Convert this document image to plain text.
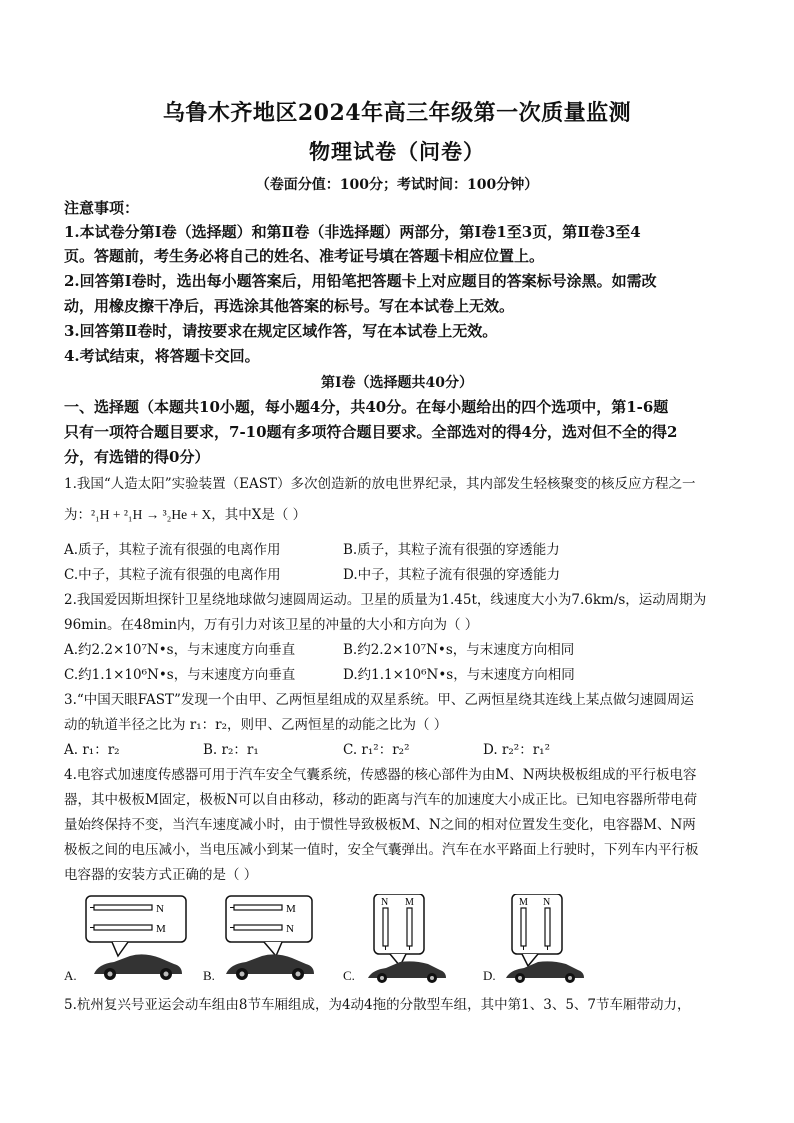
乌鲁木齐地区2024年高三年级第一次质量监测
物理试卷（问卷）
（卷面分值：100分；考试时间：100分钟）
注意事项：
1.本试卷分第Ⅰ卷（选择题）和第Ⅱ卷（非选择题）两部分，第Ⅰ卷1至3页，第Ⅱ卷3至4
页。答题前，考生务必将自己的姓名、准考证号填在答题卡相应位置上。
2.回答第Ⅰ卷时，选出每小题答案后，用铅笔把答题卡上对应题目的答案标号涂黑。如需改
动，用橡皮擦干净后，再选涂其他答案的标号。写在本试卷上无效。
3.回答第Ⅱ卷时，请按要求在规定区域作答，写在本试卷上无效。
4.考试结束，将答题卡交回。
第Ⅰ卷（选择题共40分）
一、选择题（本题共10小题，每小题4分，共40分。在每小题给出的四个选项中，第1-6题
只有一项符合题目要求，7-10题有多项符合题目要求。全部选对的得4分，选对但不全的得2
分，有选错的得0分）
1.我国“人造太阳”实验装置（EAST）多次创造新的放电世界纪录，其内部发生轻核聚变的核反应方程之一
为：²₁H + ²₁H → ³₂He + X，其中X是（ ）
A.质子，其粒子流有很强的电离作用	B.质子，其粒子流有很强的穿透能力
C.中子，其粒子流有很强的电离作用	D.中子，其粒子流有很强的穿透能力
2.我国爱因斯坦探针卫星绕地球做匀速圆周运动。卫星的质量为1.45t，线速度大小为7.6km/s，运动周期为
96min。在48min内，万有引力对该卫星的冲量的大小和方向为（ ）
A.约2.2×10⁷N•s，与末速度方向垂直	B.约2.2×10⁷N•s，与末速度方向相同
C.约1.1×10⁶N•s，与末速度方向垂直	D.约1.1×10⁶N•s，与末速度方向相同
3.“中国天眼FAST”发现一个由甲、乙两恒星组成的双星系统。甲、乙两恒星绕其连线上某点做匀速圆周运
动的轨道半径之比为 r₁：r₂，则甲、乙两恒星的动能之比为（ ）
A. r₁：r₂	B. r₂：r₁	C. r₁²：r₂²	D. r₂²：r₁²
4.电容式加速度传感器可用于汽车安全气囊系统，传感器的核心部件为由M、N两块极板组成的平行板电容
器，其中极板M固定，极板N可以自由移动，移动的距离与汽车的加速度大小成正比。已知电容器所带电荷
量始终保持不变，当汽车速度减小时，由于惯性导致极板M、N之间的相对位置发生变化，电容器M、N两
极板之间的电压减小，当电压减小到某一值时，安全气囊弹出。汽车在水平路面上行驶时，下列车内平行板
电容器的安装方式正确的是（ ）
N
M
A.
M
N
B.
N M
C.
M N
D.
5.杭州复兴号亚运会动车组由8节车厢组成，为4动4拖的分散型车组，其中第1、3、5、7节车厢带动力，
